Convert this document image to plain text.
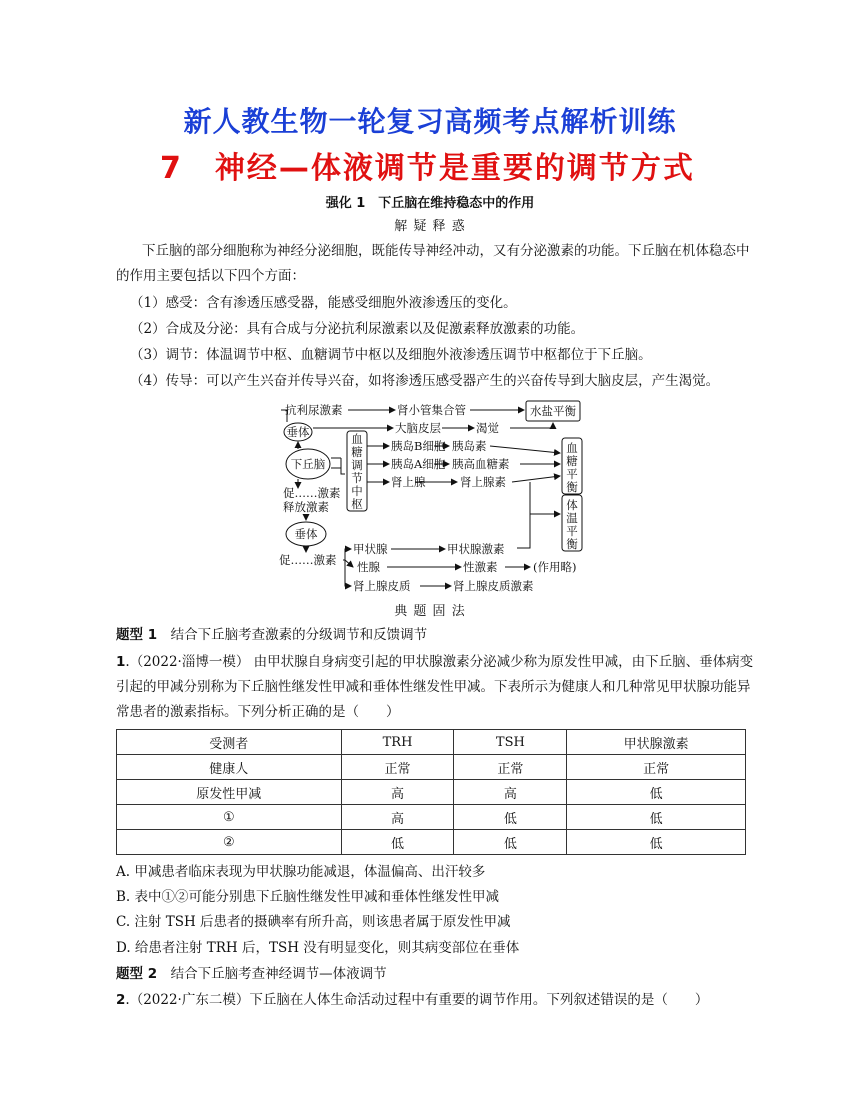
新人教生物一轮复习高频考点解析训练
7　神经—体液调节是重要的调节方式
强化 1　下丘脑在维持稳态中的作用
解 疑 释 惑
下丘脑的部分细胞称为神经分泌细胞，既能传导神经冲动，又有分泌激素的功能。下丘脑在机体稳态中
的作用主要包括以下四个方面：
（1）感受：含有渗透压感受器，能感受细胞外液渗透压的变化。
（2）合成及分泌：具有合成与分泌抗利尿激素以及促激素释放激素的功能。
（3）调节：体温调节中枢、血糖调节中枢以及细胞外液渗透压调节中枢都位于下丘脑。
（4）传导：可以产生兴奋并传导兴奋，如将渗透压感受器产生的兴奋传导到大脑皮层，产生渴觉。
抗利尿激素	肾小管集合管	水盐平衡
垂体	大脑皮层	渴觉
下丘脑
血
糖
调
节
中
枢
胰岛B细胞 胰岛素
胰岛A细胞 胰高血糖素
肾上腺	肾上腺素
血
糖
平
衡
体
温
平
衡
促……激素
释放激素
垂体
促……激素
甲状腺	甲状腺激素
性腺	性激素	(作用略)
肾上腺皮质	肾上腺皮质激素
典 题 固 法
题型 1　 结合下丘脑考查激素的分级调节和反馈调节
1.（2022·淄博一模） 由甲状腺自身病变引起的甲状腺激素分泌减少称为原发性甲减，由下丘脑、垂体病变
引起的甲减分别称为下丘脑性继发性甲减和垂体性继发性甲减。下表所示为健康人和几种常见甲状腺功能异
常患者的激素指标。下列分析正确的是（　　）
受测者	TRH	TSH	甲状腺激素
健康人	正常	正常	正常
原发性甲减	高	高	低
①	高	低	低
②	低	低	低
A. 甲减患者临床表现为甲状腺功能减退，体温偏高、出汗较多
B. 表中①②可能分别患下丘脑性继发性甲减和垂体性继发性甲减
C. 注射 TSH 后患者的摄碘率有所升高，则该患者属于原发性甲减
D. 给患者注射 TRH 后，TSH 没有明显变化，则其病变部位在垂体
题型 2　 结合下丘脑考查神经调节—体液调节
2.（2022·广东二模）下丘脑在人体生命活动过程中有重要的调节作用。下列叙述错误的是（　　）
